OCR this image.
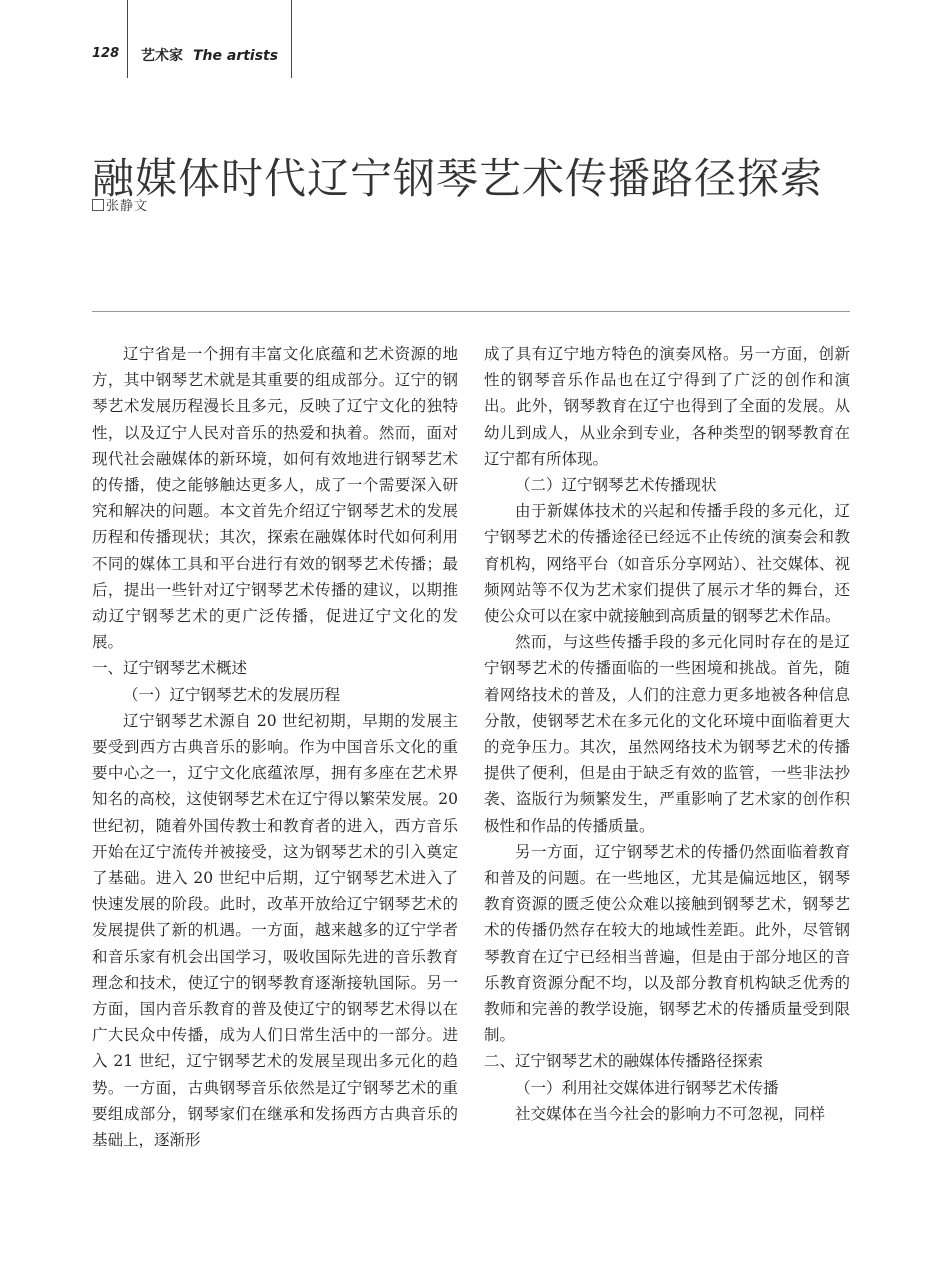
128 艺术家 The artists
融媒体时代辽宁钢琴艺术传播路径探索
张静文

辽宁省是一个拥有丰富文化底蕴和艺术资源的地方，其中钢琴艺术就是其重要的组成部分。辽宁的钢琴艺术发展历程漫长且多元，反映了辽宁文化的独特性，以及辽宁人民对音乐的热爱和执着。然而，面对现代社会融媒体的新环境，如何有效地进行钢琴艺术的传播，使之能够触达更多人，成了一个需要深入研究和解决的问题。本文首先介绍辽宁钢琴艺术的发展历程和传播现状；其次，探索在融媒体时代如何利用不同的媒体工具和平台进行有效的钢琴艺术传播；最后，提出一些针对辽宁钢琴艺术传播的建议，以期推动辽宁钢琴艺术的更广泛传播，促进辽宁文化的发展。

一、辽宁钢琴艺术概述

（一）辽宁钢琴艺术的发展历程

辽宁钢琴艺术源自 20 世纪初期，早期的发展主要受到西方古典音乐的影响。作为中国音乐文化的重要中心之一，辽宁文化底蕴浓厚，拥有多座在艺术界知名的高校，这使钢琴艺术在辽宁得以繁荣发展。20 世纪初，随着外国传教士和教育者的进入，西方音乐开始在辽宁流传并被接受，这为钢琴艺术的引入奠定了基础。进入 20 世纪中后期，辽宁钢琴艺术进入了快速发展的阶段。此时，改革开放给辽宁钢琴艺术的发展提供了新的机遇。一方面，越来越多的辽宁学者和音乐家有机会出国学习，吸收国际先进的音乐教育理念和技术，使辽宁的钢琴教育逐渐接轨国际。另一方面，国内音乐教育的普及使辽宁的钢琴艺术得以在广大民众中传播，成为人们日常生活中的一部分。进入 21 世纪，辽宁钢琴艺术的发展呈现出多元化的趋势。一方面，古典钢琴音乐依然是辽宁钢琴艺术的重要组成部分，钢琴家们在继承和发扬西方古典音乐的基础上，逐渐形

成了具有辽宁地方特色的演奏风格。另一方面，创新性的钢琴音乐作品也在辽宁得到了广泛的创作和演出。此外，钢琴教育在辽宁也得到了全面的发展。从幼儿到成人，从业余到专业，各种类型的钢琴教育在辽宁都有所体现。

（二）辽宁钢琴艺术传播现状

由于新媒体技术的兴起和传播手段的多元化，辽宁钢琴艺术的传播途径已经远不止传统的演奏会和教育机构，网络平台（如音乐分享网站）、社交媒体、视频网站等不仅为艺术家们提供了展示才华的舞台，还使公众可以在家中就接触到高质量的钢琴艺术作品。

然而，与这些传播手段的多元化同时存在的是辽宁钢琴艺术的传播面临的一些困境和挑战。首先，随着网络技术的普及，人们的注意力更多地被各种信息分散，使钢琴艺术在多元化的文化环境中面临着更大的竞争压力。其次，虽然网络技术为钢琴艺术的传播提供了便利，但是由于缺乏有效的监管，一些非法抄袭、盗版行为频繁发生，严重影响了艺术家的创作积极性和作品的传播质量。

另一方面，辽宁钢琴艺术的传播仍然面临着教育和普及的问题。在一些地区，尤其是偏远地区，钢琴教育资源的匮乏使公众难以接触到钢琴艺术，钢琴艺术的传播仍然存在较大的地域性差距。此外，尽管钢琴教育在辽宁已经相当普遍，但是由于部分地区的音乐教育资源分配不均，以及部分教育机构缺乏优秀的教师和完善的教学设施，钢琴艺术的传播质量受到限制。

二、辽宁钢琴艺术的融媒体传播路径探索

（一）利用社交媒体进行钢琴艺术传播

社交媒体在当今社会的影响力不可忽视，同样
